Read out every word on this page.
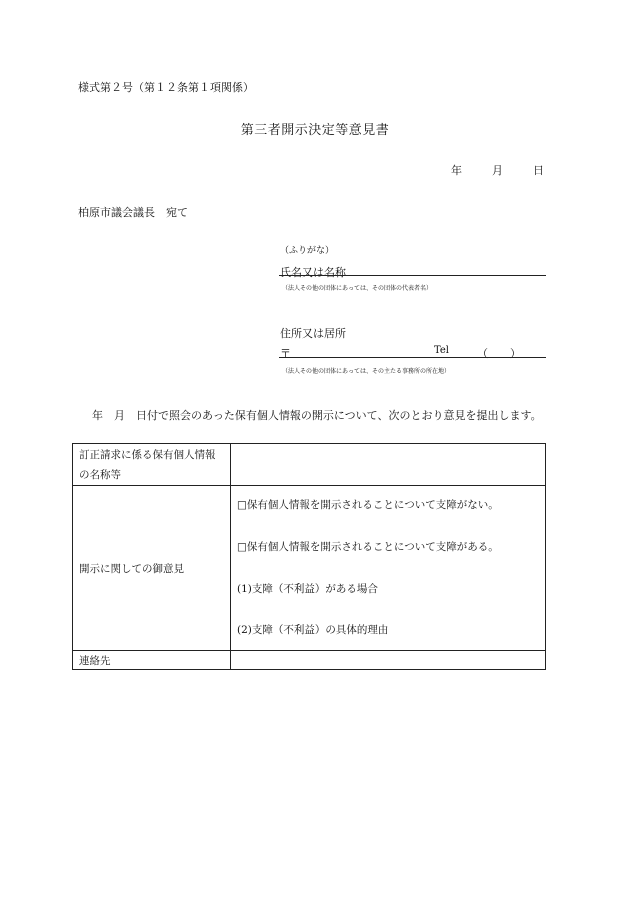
様式第２号（第１２条第１項関係）
第三者開示決定等意見書
年	月	日
柏原市議会議長　宛て
（ふりがな）
氏名又は名称
（法人その他の団体にあっては、その団体の代表者名）
住所又は居所
〒	Tel	（ ）
（法人その他の団体にあっては、その主たる事務所の所在地）
年　月　日付で照会のあった保有個人情報の開示について、次のとおり意見を提出します。
訂正請求に係る保有個人情報の名称等	
開示に関しての御意見	□保有個人情報を開示されることについて支障がない。
□保有個人情報を開示されることについて支障がある。
(1)支障（不利益）がある場合
(2)支障（不利益）の具体的理由

連絡先	
